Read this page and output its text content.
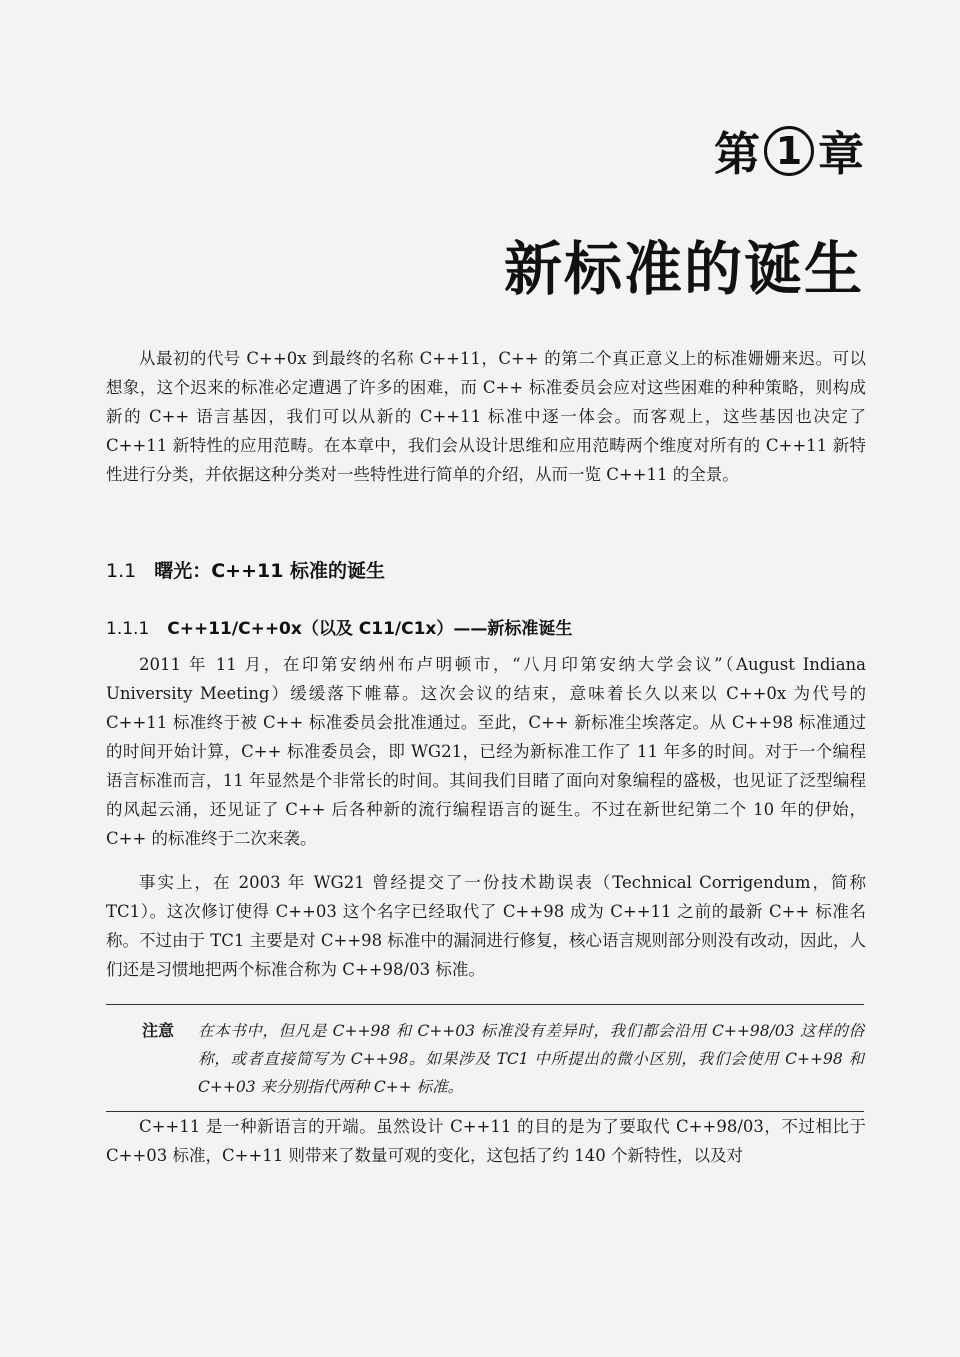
第 1 章
新标准的诞生

从最初的代号 C++0x 到最终的名称 C++11，C++ 的第二个真正意义上的标准姗姗来迟。可以想象，这个迟来的标准必定遭遇了许多的困难，而 C++ 标准委员会应对这些困难的种种策略，则构成新的 C++ 语言基因，我们可以从新的 C++11 标准中逐一体会。而客观上，这些基因也决定了 C++11 新特性的应用范畴。在本章中，我们会从设计思维和应用范畴两个维度对所有的 C++11 新特性进行分类，并依据这种分类对一些特性进行简单的介绍，从而一览 C++11 的全景。

1.1 曙光：C++11 标准的诞生
1.1.1 C++11/C++0x（以及 C11/C1x）——新标准诞生

2011 年 11 月，在印第安纳州布卢明顿市，“八月印第安纳大学会议”（August Indiana University Meeting）缓缓落下帷幕。这次会议的结束，意味着长久以来以 C++0x 为代号的 C++11 标准终于被 C++ 标准委员会批准通过。至此，C++ 新标准尘埃落定。从 C++98 标准通过的时间开始计算，C++ 标准委员会，即 WG21，已经为新标准工作了 11 年多的时间。对于一个编程语言标准而言，11 年显然是个非常长的时间。其间我们目睹了面向对象编程的盛极，也见证了泛型编程的风起云涌，还见证了 C++ 后各种新的流行编程语言的诞生。不过在新世纪第二个 10 年的伊始，C++ 的标准终于二次来袭。

事实上，在 2003 年 WG21 曾经提交了一份技术勘误表（Technical Corrigendum，简称 TC1）。这次修订使得 C++03 这个名字已经取代了 C++98 成为 C++11 之前的最新 C++ 标准名称。不过由于 TC1 主要是对 C++98 标准中的漏洞进行修复，核心语言规则部分则没有改动，因此，人们还是习惯地把两个标准合称为 C++98/03 标准。

注意	在本书中，但凡是 C++98 和 C++03 标准没有差异时，我们都会沿用 C++98/03 这样的俗称，或者直接简写为 C++98。如果涉及 TC1 中所提出的微小区别，我们会使用 C++98 和 C++03 来分别指代两种 C++ 标准。

C++11 是一种新语言的开端。虽然设计 C++11 的目的是为了要取代 C++98/03，不过相比于 C++03 标准，C++11 则带来了数量可观的变化，这包括了约 140 个新特性，以及对
